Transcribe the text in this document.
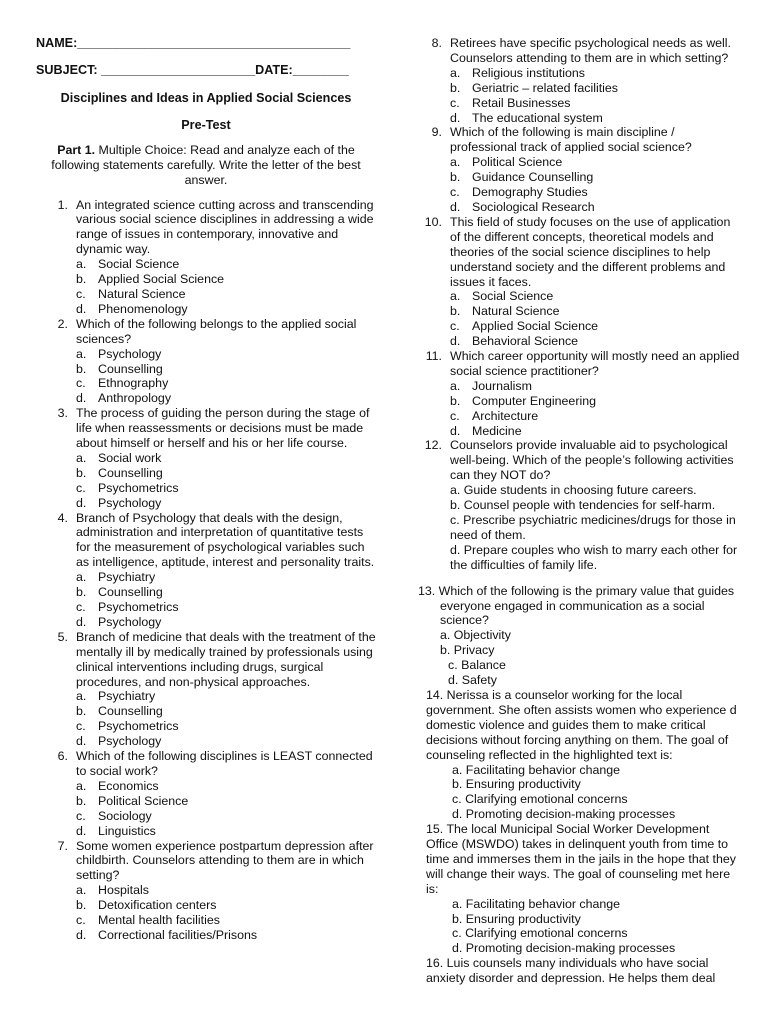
NAME:_______________________________________
SUBJECT: ______________________DATE:________
Disciplines and Ideas in Applied Social Sciences
Pre-Test
Part 1. Multiple Choice: Read and analyze each of the following statements carefully. Write the letter of the best answer.
1. An integrated science cutting across and transcending various social science disciplines in addressing a wide range of issues in contemporary, innovative and dynamic way.
a. Social Science
b. Applied Social Science
c. Natural Science
d. Phenomenology
2. Which of the following belongs to the applied social sciences?
a. Psychology
b. Counselling
c. Ethnography
d. Anthropology
3. The process of guiding the person during the stage of life when reassessments or decisions must be made about himself or herself and his or her life course.
a. Social work
b. Counselling
c. Psychometrics
d. Psychology
4. Branch of Psychology that deals with the design, administration and interpretation of quantitative tests for the measurement of psychological variables such as intelligence, aptitude, interest and personality traits.
a. Psychiatry
b. Counselling
c. Psychometrics
d. Psychology
5. Branch of medicine that deals with the treatment of the mentally ill by medically trained by professionals using clinical interventions including drugs, surgical procedures, and non-physical approaches.
a. Psychiatry
b. Counselling
c. Psychometrics
d. Psychology
6. Which of the following disciplines is LEAST connected to social work?
a. Economics
b. Political Science
c. Sociology
d. Linguistics
7. Some women experience postpartum depression after childbirth. Counselors attending to them are in which setting?
a. Hospitals
b. Detoxification centers
c. Mental health facilities
d. Correctional facilities/Prisons
8. Retirees have specific psychological needs as well. Counselors attending to them are in which setting?
a. Religious institutions
b. Geriatric – related facilities
c. Retail Businesses
d. The educational system
9. Which of the following is main discipline / professional track of applied social science?
a. Political Science
b. Guidance Counselling
c. Demography Studies
d. Sociological Research
10. This field of study focuses on the use of application of the different concepts, theoretical models and theories of the social science disciplines to help understand society and the different problems and issues it faces.
a. Social Science
b. Natural Science
c. Applied Social Science
d. Behavioral Science
11. Which career opportunity will mostly need an applied social science practitioner?
a. Journalism
b. Computer Engineering
c. Architecture
d. Medicine
12. Counselors provide invaluable aid to psychological well-being. Which of the people’s following activities can they NOT do?
a. Guide students in choosing future careers.
b. Counsel people with tendencies for self-harm.
c. Prescribe psychiatric medicines/drugs for those in need of them.
d. Prepare couples who wish to marry each other for the difficulties of family life.
13. Which of the following is the primary value that guides everyone engaged in communication as a social science?
a. Objectivity
b. Privacy
c. Balance
d. Safety
14. Nerissa is a counselor working for the local government. She often assists women who experience d domestic violence and guides them to make critical decisions without forcing anything on them. The goal of counseling reflected in the highlighted text is:
a. Facilitating behavior change
b. Ensuring productivity
c. Clarifying emotional concerns
d. Promoting decision-making processes
15. The local Municipal Social Worker Development Office (MSWDO) takes in delinquent youth from time to time and immerses them in the jails in the hope that they will change their ways. The goal of counseling met here is:
a. Facilitating behavior change
b. Ensuring productivity
c. Clarifying emotional concerns
d. Promoting decision-making processes
16. Luis counsels many individuals who have social anxiety disorder and depression. He helps them deal
